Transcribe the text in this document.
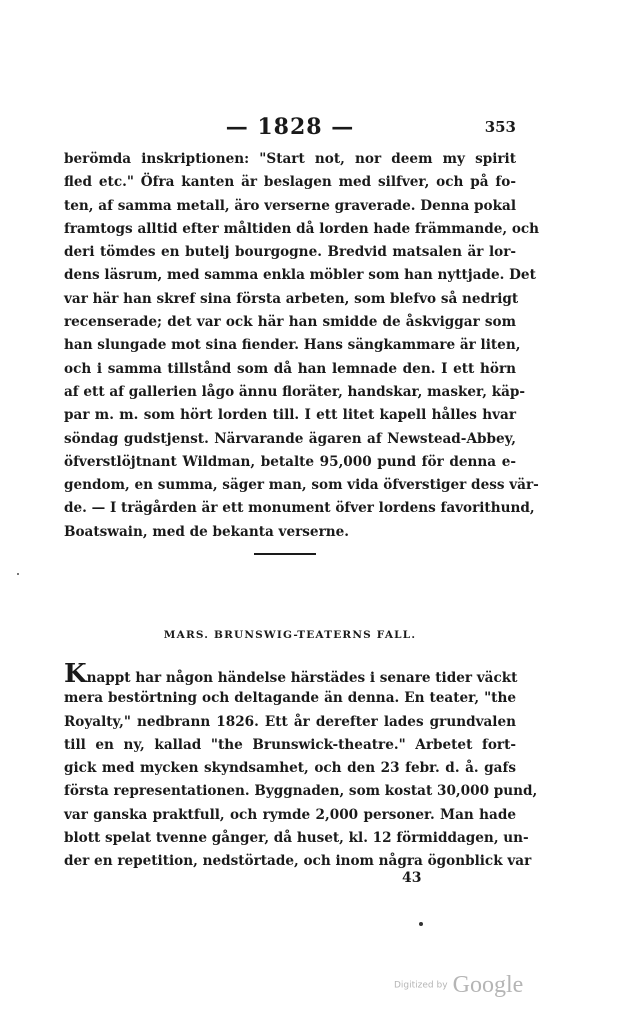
— 1828 —	353
berömda inskriptionen: "Start not, nor deem my spirit
fled etc." Öfra kanten är beslagen med silfver, och på fo-
ten, af samma metall, äro verserne graverade. Denna pokal
framtogs alltid efter måltiden då lorden hade främmande, och
deri tömdes en butelj bourgogne. Bredvid matsalen är lor-
dens läsrum, med samma enkla möbler som han nyttjade. Det
var här han skref sina första arbeten, som blefvo så nedrigt
recenserade; det var ock här han smidde de åskviggar som
han slungade mot sina fiender. Hans sängkammare är liten,
och i samma tillstånd som då han lemnade den. I ett hörn
af ett af gallerien lågo ännu floräter, handskar, masker, käp-
par m. m. som hört lorden till. I ett litet kapell hålles hvar
söndag gudstjenst. Närvarande ägaren af Newstead-Abbey,
öfverstlöjtnant Wildman, betalte 95,000 pund för denna e-
gendom, en summa, säger man, som vida öfverstiger dess vär-
de. — I trägården är ett monument öfver lordens favorithund,
Boatswain, med de bekanta verserne.
MARS. BRUNSWIG-TEATERNS FALL.
Knappt har någon händelse härstädes i senare tider väckt
mera bestörtning och deltagande än denna. En teater, "the
Royalty," nedbrann 1826. Ett år derefter lades grundvalen
till en ny, kallad "the Brunswick-theatre." Arbetet fort-
gick med mycken skyndsamhet, och den 23 febr. d. å. gafs
första representationen. Byggnaden, som kostat 30,000 pund,
var ganska praktfull, och rymde 2,000 personer. Man hade
blott spelat tvenne gånger, då huset, kl. 12 förmiddagen, un-
der en repetition, nedstörtade, och inom några ögonblick var
43
Digitized by Google
